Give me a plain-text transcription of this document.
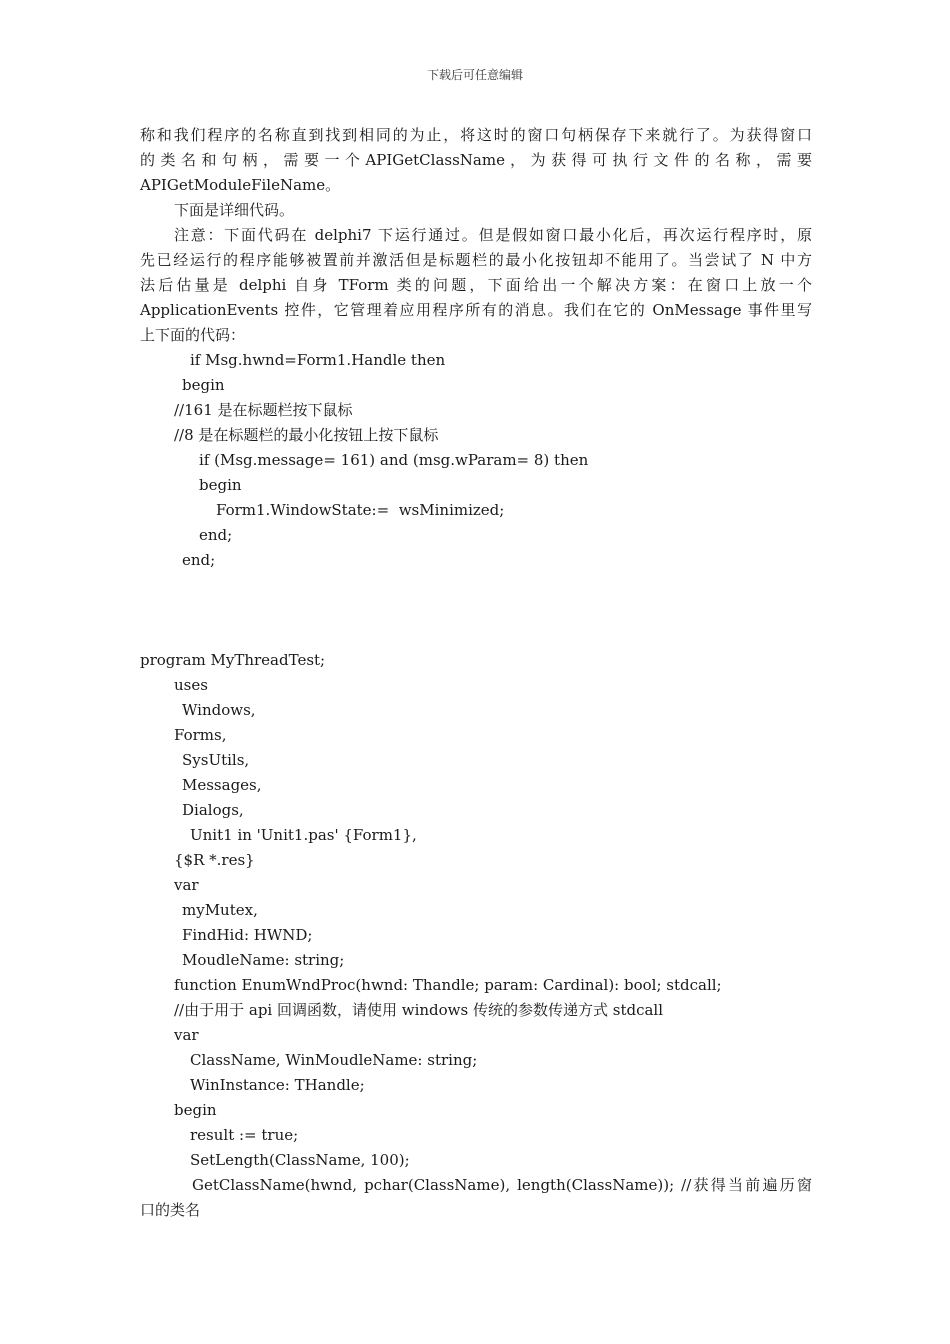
下载后可任意编辑
称和我们程序的名称直到找到相同的为止，将这时的窗口句柄保存下来就行了。为获得窗口
的 类 名 和 句 柄 ， 需 要 一 个 APIGetClassName ， 为 获 得 可 执 行 文 件 的 名 称 ， 需 要
APIGetModuleFileName。
下面是详细代码。
注意：下面代码在 delphi7 下运行通过。但是假如窗口最小化后，再次运行程序时，原
先已经运行的程序能够被置前并激活但是标题栏的最小化按钮却不能用了。当尝试了 N 中方
法后估量是 delphi 自身 TForm 类的问题，下面给出一个解决方案：在窗口上放一个
ApplicationEvents 控件，它管理着应用程序所有的消息。我们在它的 OnMessage 事件里写
上下面的代码：
if Msg.hwnd=Form1.Handle then
begin
//161 是在标题栏按下鼠标
//8 是在标题栏的最小化按钮上按下鼠标
if (Msg.message= 161) and (msg.wParam= 8) then
begin
Form1.WindowState:=  wsMinimized;
end;
end;
program MyThreadTest;
uses
Windows,
Forms,
SysUtils,
Messages,
Dialogs,
Unit1 in 'Unit1.pas' {Form1},
{$R *.res}
var
myMutex,
FindHid: HWND;
MoudleName: string;
function EnumWndProc(hwnd: Thandle; param: Cardinal): bool; stdcall;
//由于用于 api 回调函数，请使用 windows 传统的参数传递方式 stdcall
var
ClassName, WinMoudleName: string;
WinInstance: THandle;
begin
result := true;
SetLength(ClassName, 100);
GetClassName(hwnd, pchar(ClassName), length(ClassName)); //获得当前遍历窗
口的类名
